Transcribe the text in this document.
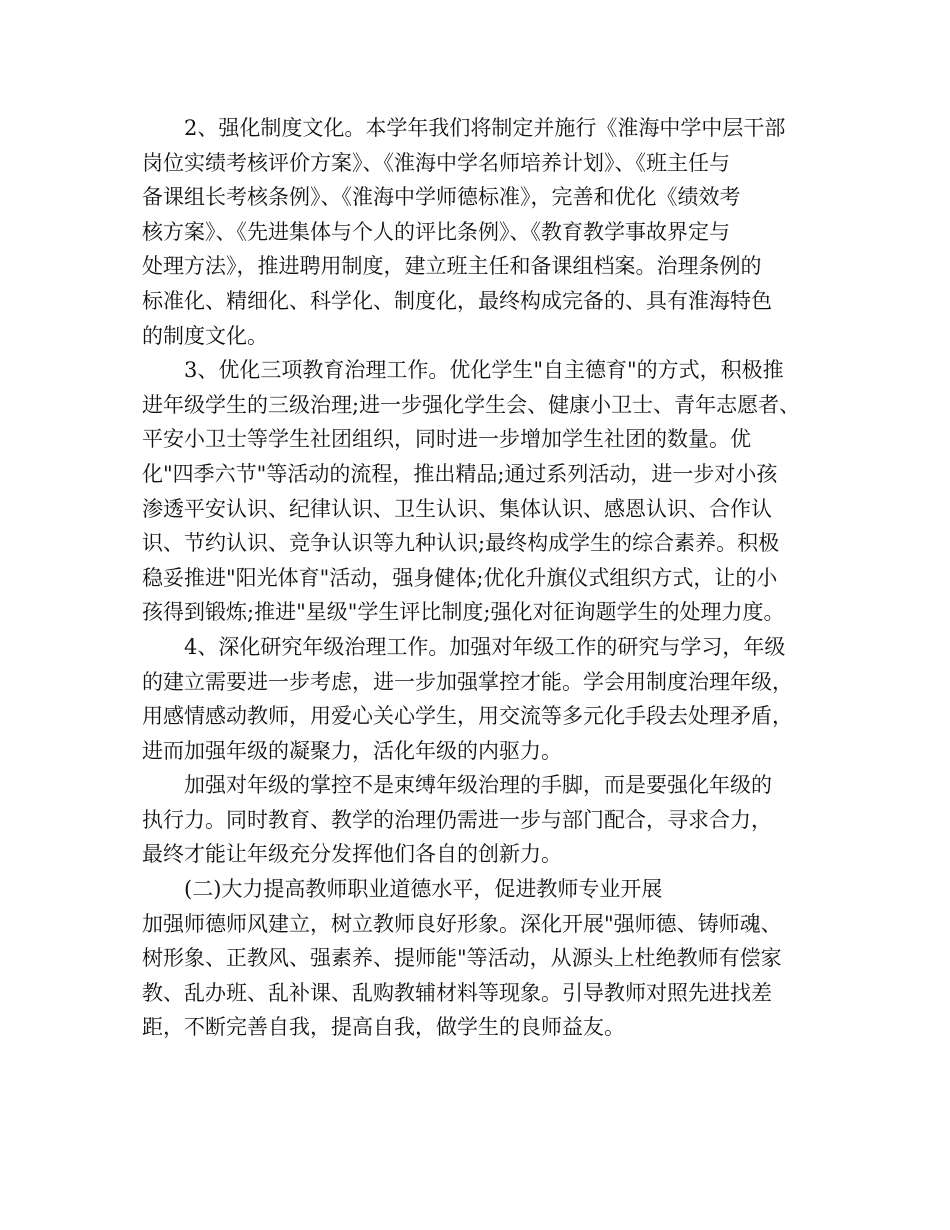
2、强化制度文化。本学年我们将制定并施行《淮海中学中层干部
岗位实绩考核评价方案》、《淮海中学名师培养计划》、《班主任与
备课组长考核条例》、《淮海中学师德标准》，完善和优化《绩效考
核方案》、《先进集体与个人的评比条例》、《教育教学事故界定与
处理方法》，推进聘用制度，建立班主任和备课组档案。治理条例的
标准化、精细化、科学化、制度化，最终构成完备的、具有淮海特色
的制度文化。

3、优化三项教育治理工作。优化学生"自主德育"的方式，积极推
进年级学生的三级治理;进一步强化学生会、健康小卫士、青年志愿者、
平安小卫士等学生社团组织，同时进一步增加学生社团的数量。优
化"四季六节"等活动的流程，推出精品;通过系列活动，进一步对小孩
渗透平安认识、纪律认识、卫生认识、集体认识、感恩认识、合作认
识、节约认识、竞争认识等九种认识;最终构成学生的综合素养。积极
稳妥推进"阳光体育"活动，强身健体;优化升旗仪式组织方式，让的小
孩得到锻炼;推进"星级"学生评比制度;强化对征询题学生的处理力度。

4、深化研究年级治理工作。加强对年级工作的研究与学习，年级
的建立需要进一步考虑，进一步加强掌控才能。学会用制度治理年级，
用感情感动教师，用爱心关心学生，用交流等多元化手段去处理矛盾，
进而加强年级的凝聚力，活化年级的内驱力。

加强对年级的掌控不是束缚年级治理的手脚，而是要强化年级的
执行力。同时教育、教学的治理仍需进一步与部门配合，寻求合力，
最终才能让年级充分发挥他们各自的创新力。

(二)大力提高教师职业道德水平，促进教师专业开展

加强师德师风建立，树立教师良好形象。深化开展"强师德、铸师魂、
树形象、正教风、强素养、提师能"等活动，从源头上杜绝教师有偿家
教、乱办班、乱补课、乱购教辅材料等现象。引导教师对照先进找差
距，不断完善自我，提高自我，做学生的良师益友。
